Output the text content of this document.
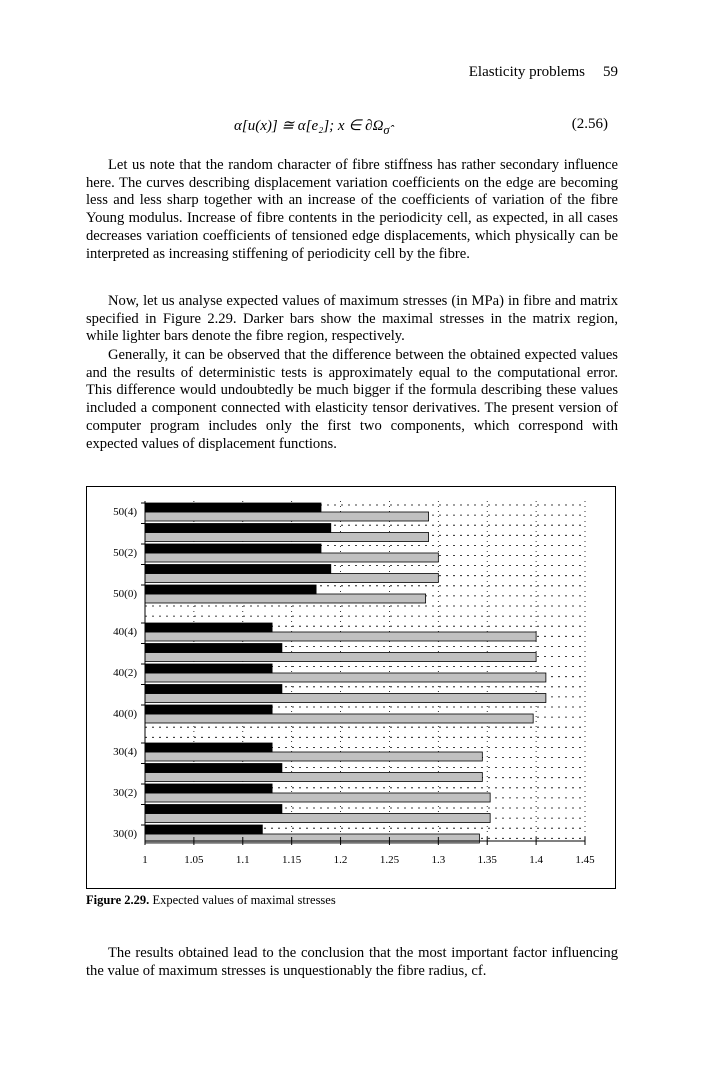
Elasticity problems 59
α[u(x)] ≅ α[e₂]; x ∈ $\partial\Omega_{\sigmâ}$	(2.56)

Let us note that the random character of fibre stiffness has rather secondary influence here. The curves describing displacement variation coefficients on the edge are becoming less and less sharp together with an increase of the coefficients of variation of the fibre Young modulus. Increase of fibre contents in the periodicity cell, as expected, in all cases decreases variation coefficients of tensioned edge displacements, which physically can be interpreted as increasing stiffening of periodicity cell by the fibre.

Now, let us analyse expected values of maximum stresses (in MPa) in fibre and matrix specified in Figure 2.29. Darker bars show the maximal stresses in the matrix region, while lighter bars denote the fibre region, respectively.

Generally, it can be observed that the difference between the obtained expected values and the results of deterministic tests is approximately equal to the computational error. This difference would undoubtedly be much bigger if the formula describing these values included a component connected with elasticity tensor derivatives. The present version of computer program includes only the first two components, which correspond with expected values of displacement functions.

50(4)
50(2)
50(0)
40(4)
40(2)
40(0)
30(4)
30(2)
30(0)
1	1.05	1.1	1.15	1.2	1.25	1.3	1.35	1.4	1.45
Figure 2.29. Expected values of maximal stresses

The results obtained lead to the conclusion that the most important factor influencing the value of maximum stresses is unquestionably the fibre radius, cf.
